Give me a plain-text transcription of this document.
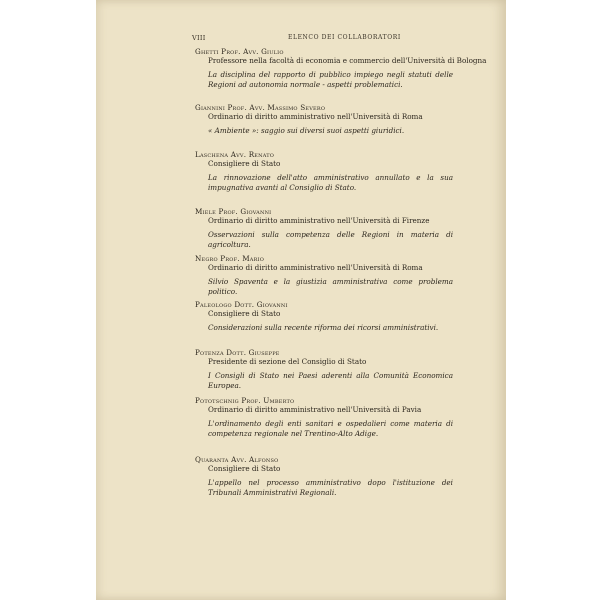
VIII	ELENCO DEI COLLABORATORI
Ghetti Prof. Avv. Giulio
Professore nella facoltà di economia e commercio dell'Università di Bologna
La disciplina del rapporto di pubblico impiego negli statuti delle Regioni ad autonomia normale - aspetti problematici.
Giannini Prof. Avv. Massimo Severo
Ordinario di diritto amministrativo nell'Università di Roma
« Ambiente »: saggio sui diversi suoi aspetti giuridici.
Laschena Avv. Renato
Consigliere di Stato
La rinnovazione dell'atto amministrativo annullato e la sua impugnativa avanti al Consiglio di Stato.
Miele Prof. Giovanni
Ordinario di diritto amministrativo nell'Università di Firenze
Osservazioni sulla competenza delle Regioni in materia di agricoltura.
Negro Prof. Mario
Ordinario di diritto amministrativo nell'Università di Roma
Silvio Spaventa e la giustizia amministrativa come problema politico.
Paleologo Dott. Giovanni
Consigliere di Stato
Considerazioni sulla recente riforma dei ricorsi amministrativi.
Potenza Dott. Giuseppe
Presidente di sezione del Consiglio di Stato
I Consigli di Stato nei Paesi aderenti alla Comunità Economica Europea.
Pototschnig Prof. Umberto
Ordinario di diritto amministrativo nell'Università di Pavia
L'ordinamento degli enti sanitari e ospedalieri come materia di competenza regionale nel Trentino-Alto Adige.
Quaranta Avv. Alfonso
Consigliere di Stato
L'appello nel processo amministrativo dopo l'istituzione dei Tribunali Amministrativi Regionali.
